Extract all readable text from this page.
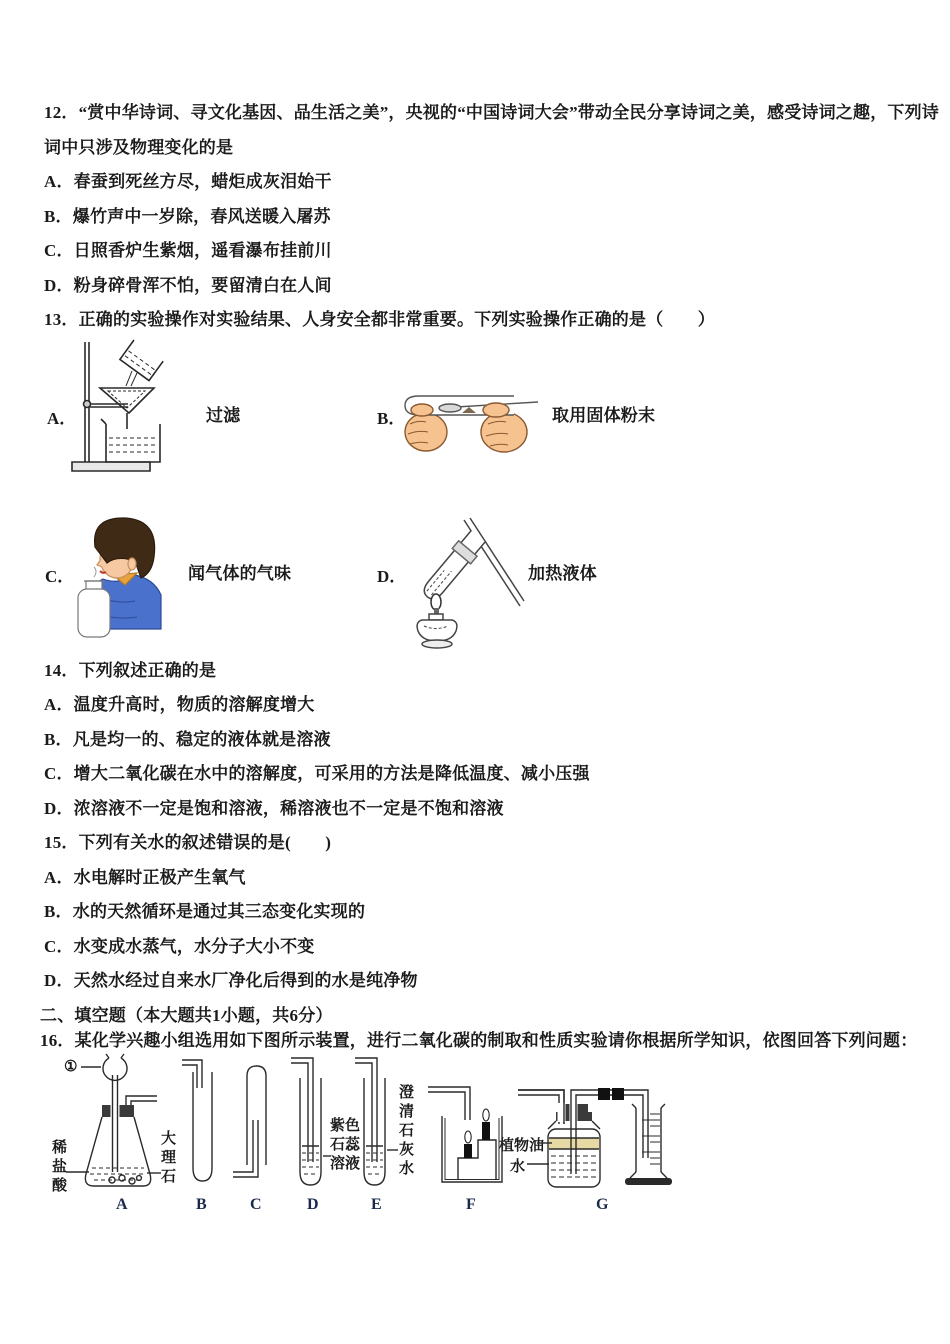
12．“赏中华诗词、寻文化基因、品生活之美”，央视的“中国诗词大会”带动全民分享诗词之美，感受诗词之趣，下列诗
词中只涉及物理变化的是
A．春蚕到死丝方尽，蜡炬成灰泪始干
B．爆竹声中一岁除，春风送暖入屠苏
C．日照香炉生紫烟，遥看瀑布挂前川
D．粉身碎骨浑不怕，要留清白在人间
13．正确的实验操作对实验结果、人身安全都非常重要。下列实验操作正确的是（　　）
A．	过滤	B．	取用固体粉末
C．	闻气体的气味	D．	加热液体
14．下列叙述正确的是
A．温度升高时，物质的溶解度增大
B．凡是均一的、稳定的液体就是溶液
C．增大二氧化碳在水中的溶解度，可采用的方法是降低温度、减小压强
D．浓溶液不一定是饱和溶液，稀溶液也不一定是不饱和溶液
15．下列有关水的叙述错误的是(　　)
A．水电解时正极产生氧气
B．水的天然循环是通过其三态变化实现的
C．水变成水蒸气，水分子大小不变
D．天然水经过自来水厂净化后得到的水是纯净物
二、填空题（本大题共1小题，共6分）
16．某化学兴趣小组选用如下图所示装置，进行二氧化碳的制取和性质实验请你根据所学知识，依图回答下列问题：
①
稀盐酸
大理石
紫色石蕊溶液
澄清石灰水
植物油
水
A	B	C	D	E	F	G
